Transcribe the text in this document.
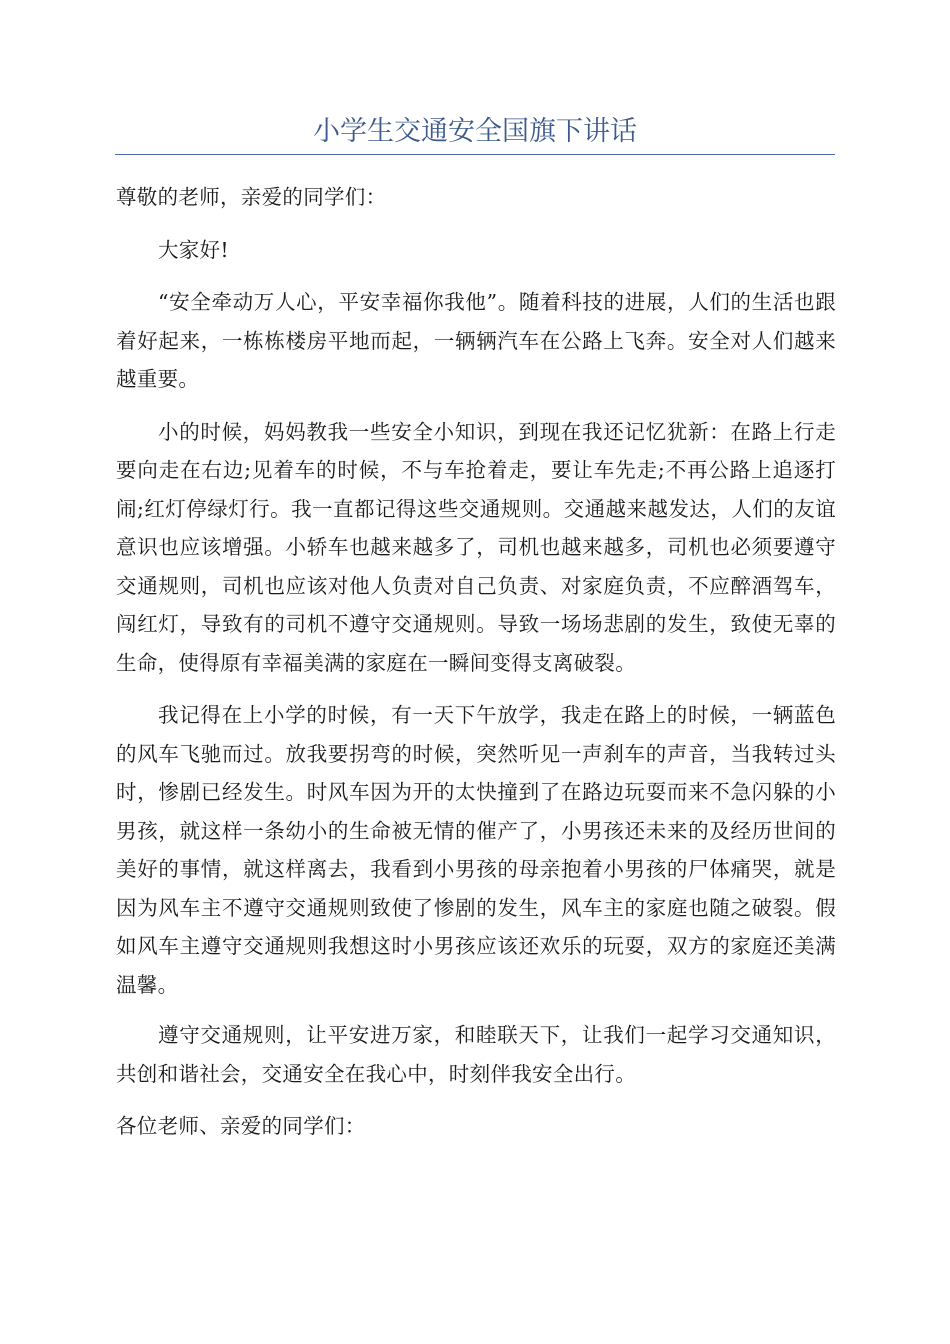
小学生交通安全国旗下讲话

尊敬的老师，亲爱的同学们：

大家好!

“安全牵动万人心，平安幸福你我他”。随着科技的进展，人们的生活也跟着好起来，一栋栋楼房平地而起，一辆辆汽车在公路上飞奔。安全对人们越来越重要。

小的时候，妈妈教我一些安全小知识，到现在我还记忆犹新：在路上行走要向走在右边;见着车的时候，不与车抢着走，要让车先走;不再公路上追逐打闹;红灯停绿灯行。我一直都记得这些交通规则。交通越来越发达，人们的友谊意识也应该增强。小轿车也越来越多了，司机也越来越多，司机也必须要遵守交通规则，司机也应该对他人负责对自己负责、对家庭负责，不应醉酒驾车，闯红灯，导致有的司机不遵守交通规则。导致一场场悲剧的发生，致使无辜的生命，使得原有幸福美满的家庭在一瞬间变得支离破裂。

我记得在上小学的时候，有一天下午放学，我走在路上的时候，一辆蓝色的风车飞驰而过。放我要拐弯的时候，突然听见一声刹车的声音，当我转过头时，惨剧已经发生。时风车因为开的太快撞到了在路边玩耍而来不急闪躲的小男孩，就这样一条幼小的生命被无情的催产了，小男孩还未来的及经历世间的美好的事情，就这样离去，我看到小男孩的母亲抱着小男孩的尸体痛哭，就是因为风车主不遵守交通规则致使了惨剧的发生，风车主的家庭也随之破裂。假如风车主遵守交通规则我想这时小男孩应该还欢乐的玩耍，双方的家庭还美满温馨。

遵守交通规则，让平安进万家，和睦联天下，让我们一起学习交通知识，共创和谐社会，交通安全在我心中，时刻伴我安全出行。

各位老师、亲爱的同学们：
